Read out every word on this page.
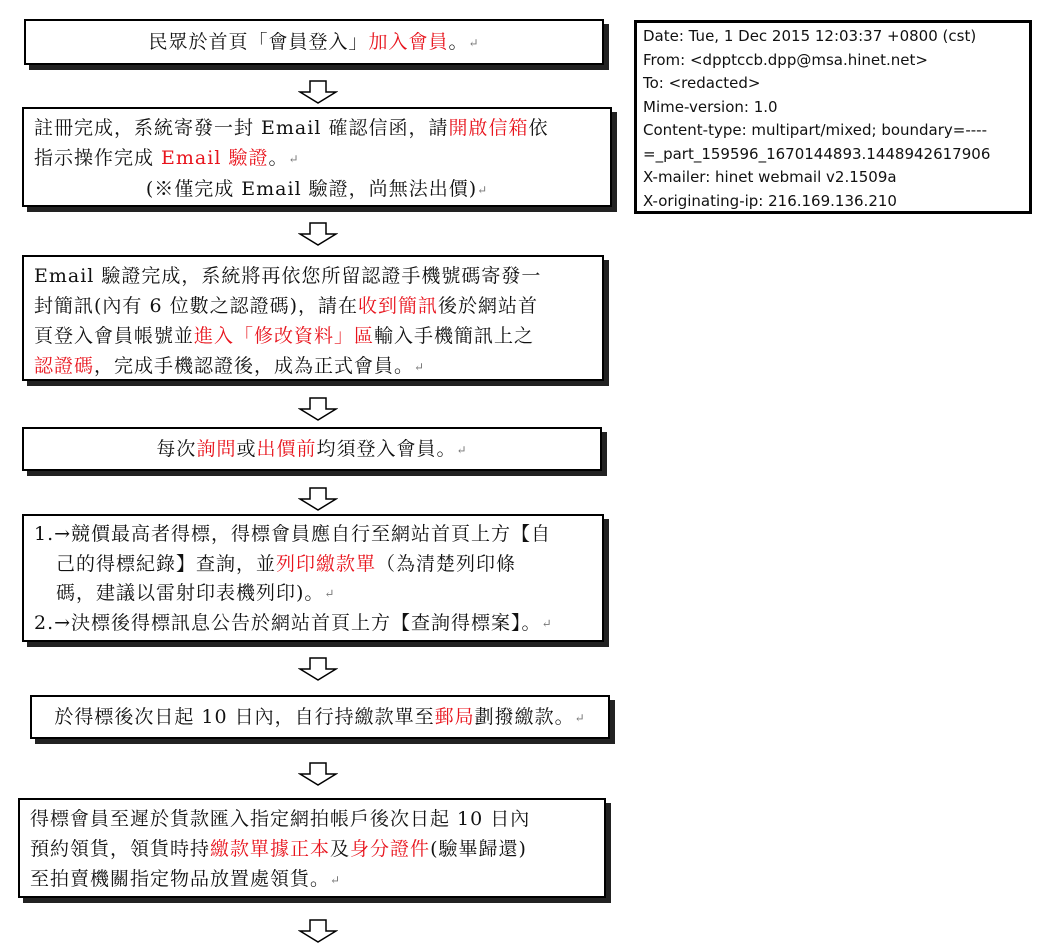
Date: Tue, 1 Dec 2015 12:03:37 +0800 (cst)
From: <dpptccb.dpp@msa.hinet.net>
To: <redacted>
Mime-version: 1.0
Content-type: multipart/mixed; boundary=----
=_part_159596_1670144893.1448942617906
X-mailer: hinet webmail v2.1509a
X-originating-ip: 216.169.136.210
民眾於首頁「會員登入」加入會員。↵
註冊完成，系統寄發一封 Email 確認信函，請開啟信箱依
指示操作完成 Email 驗證。↵
(※僅完成 Email 驗證，尚無法出價)↵
Email 驗證完成，系統將再依您所留認證手機號碼寄發一
封簡訊(內有 6 位數之認證碼)，請在收到簡訊後於網站首
頁登入會員帳號並進入「修改資料」區輸入手機簡訊上之
認證碼，完成手機認證後，成為正式會員。↵
每次詢問或出價前均須登入會員。↵
1.→競價最高者得標，得標會員應自行至網站首頁上方【自
己的得標紀錄】查詢，並列印繳款單（為清楚列印條
碼，建議以雷射印表機列印)。↵
2.→決標後得標訊息公告於網站首頁上方【查詢得標案】。↵
於得標後次日起 10 日內，自行持繳款單至郵局劃撥繳款。↵
得標會員至遲於貨款匯入指定網拍帳戶後次日起 10 日內
預約領貨，領貨時持繳款單據正本及身分證件(驗畢歸還)
至拍賣機關指定物品放置處領貨。↵
